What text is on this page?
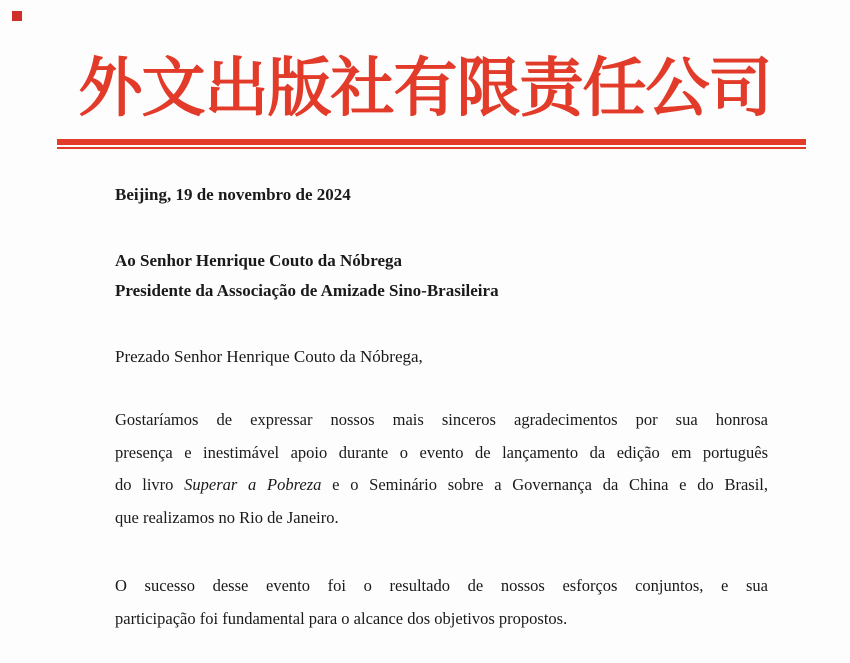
外文出版社有限责任公司
Beijing, 19 de novembro de 2024
Ao Senhor Henrique Couto da Nóbrega
Presidente da Associação de Amizade Sino-Brasileira
Prezado Senhor Henrique Couto da Nóbrega,
Gostaríamos de expressar nossos mais sinceros agradecimentos por sua honrosa
presença e inestimável apoio durante o evento de lançamento da edição em português
do livro Superar a Pobreza e o Seminário sobre a Governança da China e do Brasil,
que realizamos no Rio de Janeiro.
O sucesso desse evento foi o resultado de nossos esforços conjuntos, e sua
participação foi fundamental para o alcance dos objetivos propostos.
